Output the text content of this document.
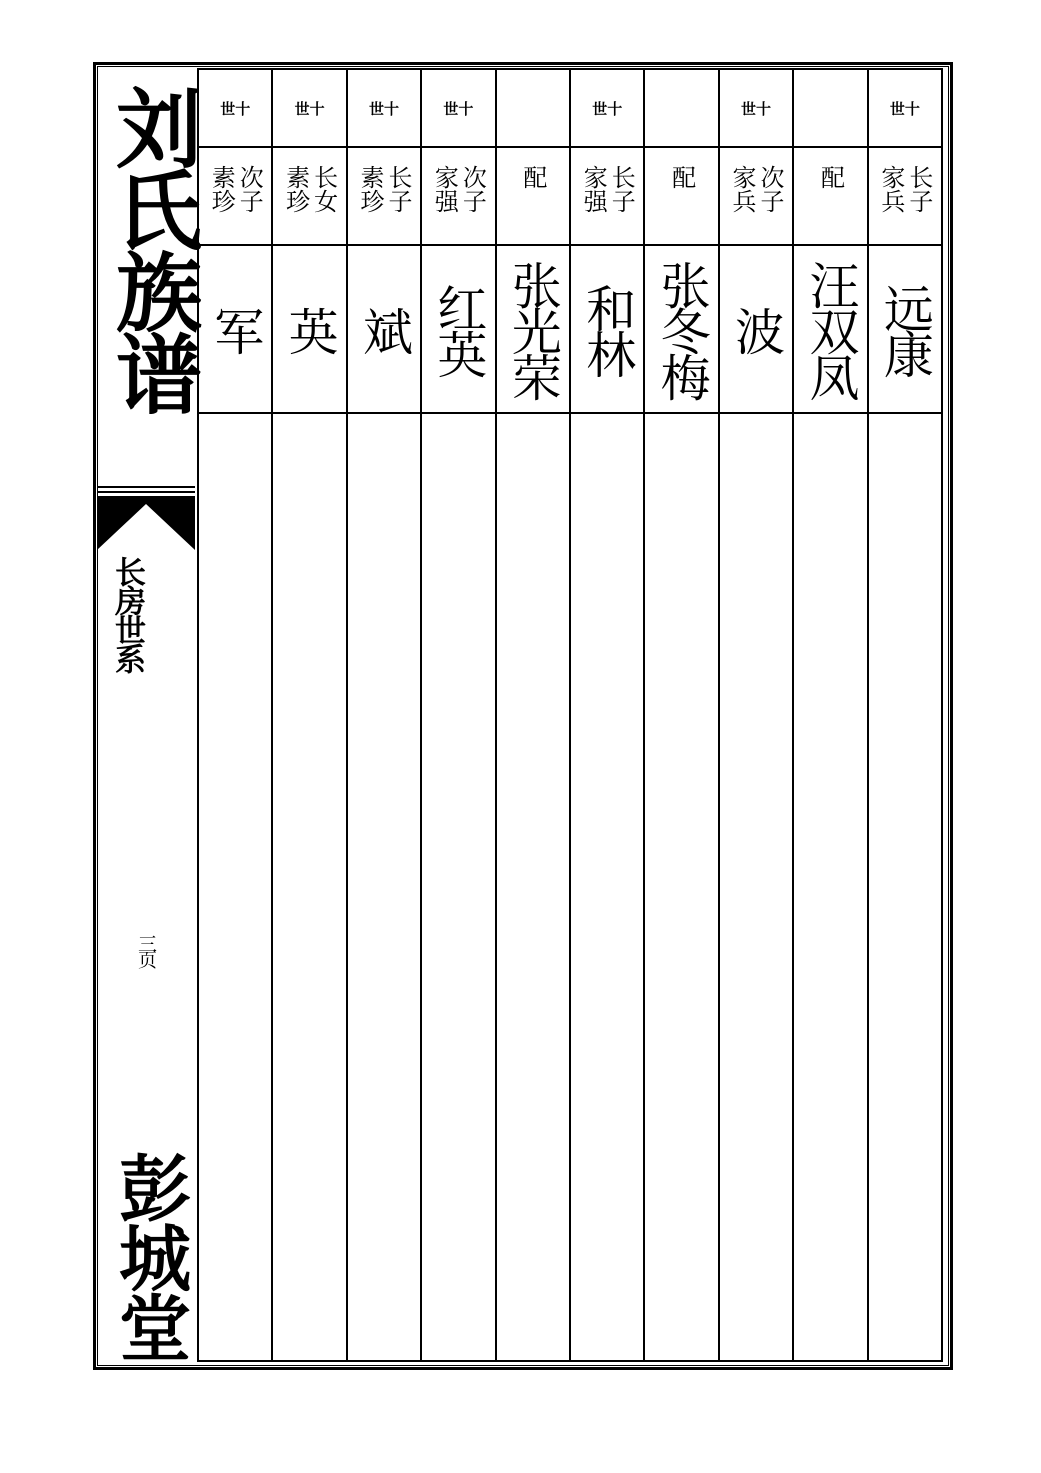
刘氏族谱
长房世系
三页
彭城堂
世十
次子 素珍
军
世十
长女 素珍
英
世十
长子 素珍
斌
世十
次子 家强
红英
配
张光荣
世十
长子 家强
和林
配
张冬梅
世十
次子 家兵
波
配
汪双凤
世十
长子 家兵
远康
